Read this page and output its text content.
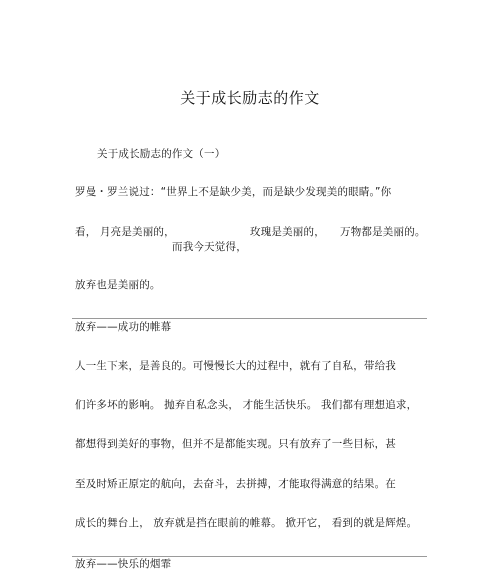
关于成长励志的作文
关于成长励志的作文（一）
罗曼・罗兰说过：“世界上不是缺少美，而是缺少发现美的眼睛。”你
看， 月亮是美丽的，	玫瑰是美丽的， 万物都是美丽的。
而我今天觉得，
放弃也是美丽的。
放弃——成功的帷幕
人一生下来，是善良的。可慢慢长大的过程中，就有了自私，带给我
们许多坏的影响。 抛弃自私念头， 才能生活快乐。 我们都有理想追求，
都想得到美好的事物，但并不是都能实现。只有放弃了一些目标，甚
至及时矫正原定的航向，去奋斗，去拼搏，才能取得满意的结果。在
成长的舞台上， 放弃就是挡在眼前的帷幕。 掀开它， 看到的就是辉煌。
放弃——快乐的烟霏
